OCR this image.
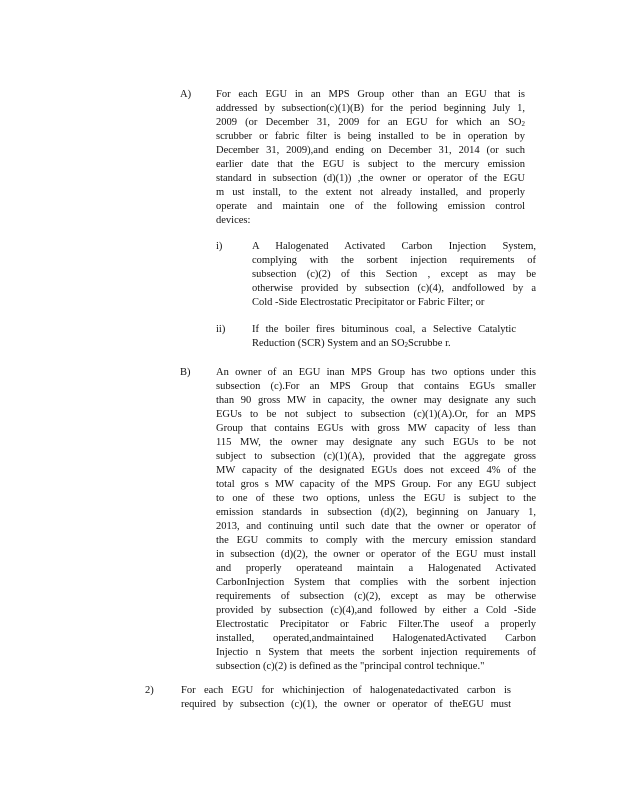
A) For each EGU in an MPS Group other than an EGU that is
addressed by subsection(c)(1)(B) for the period beginning July 1,
2009 (or December 31, 2009 for an EGU for which an $SO_2$
scrubber or fabric filter is being installed to be in operation by
December 31, 2009),and ending on December 31, 2014 (or such
earlier date that the EGU is subject to the mercury emission
standard in subsection (d)(1)) ,the owner or operator of the EGU
m ust install, to the extent not already installed, and properly
operate and maintain one of the following emission control
devices:
i)	A Halogenated Activated Carbon Injection System,
complying with the sorbent injection requirements of
subsection (c)(2) of this Section , except as may be
otherwise provided by subsection (c)(4), andfollowed by a
Cold -Side Electrostatic Precipitator or Fabric Filter; or
ii)	If the boiler fires bituminous coal, a Selective Catalytic
Reduction (SCR) System and an $SO_2Scrubbe$ r.
B) An owner of an EGU inan MPS Group has two options under this
subsection (c).For an MPS Group that contains EGUs smaller
than 90 gross MW in capacity, the owner may designate any such
EGUs to be not subject to subsection (c)(1)(A).Or, for an MPS
Group that contains EGUs with gross MW capacity of less than
115 MW, the owner may designate any such EGUs to be not
subject to subsection (c)(1)(A), provided that the aggregate gross
MW capacity of the designated EGUs does not exceed 4% of the
total gros s MW capacity of the MPS Group. For any EGU subject
to one of these two options, unless the EGU is subject to the
emission standards in subsection (d)(2), beginning on January 1,
2013, and continuing until such date that the owner or operator of
the EGU commits to comply with the mercury emission standard
in subsection (d)(2), the owner or operator of the EGU must install
and properly operateand maintain a Halogenated Activated
CarbonInjection System that complies with the sorbent injection
requirements of subsection (c)(2), except as may be otherwise
provided by subsection (c)(4),and followed by either a Cold -Side
Electrostatic Precipitator or Fabric Filter.The useof a properly
installed, operated,andmaintained HalogenatedActivated Carbon
Injectio n System that meets the sorbent injection requirements of
subsection (c)(2) is defined as the "principal control technique."
2)	For each EGU for whichinjection of halogenatedactivated carbon is
required by subsection (c)(1), the owner or operator of theEGU must
